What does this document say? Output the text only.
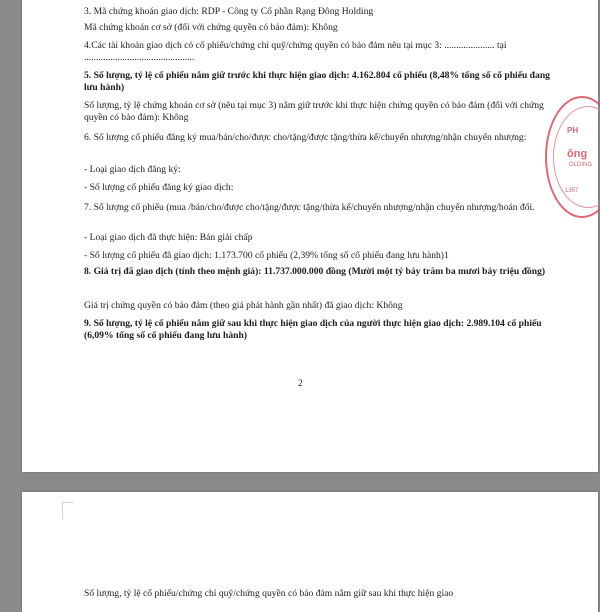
3. Mã chứng khoán giao dịch: RDP - Công ty Cổ phần Rạng Đông Holding

Mã chứng khoán cơ sở (đối với chứng quyền có bảo đảm): Không

4.Các tài khoản giao dịch có cổ phiếu/chứng chỉ quỹ/chứng quyền có bảo đảm nêu tại mục 3: ..................... tại ..............................................

5. Số lượng, tỷ lệ cổ phiếu nắm giữ trước khi thực hiện giao dịch: 4.162.804 cổ phiếu (8,48% tổng số cổ phiếu đang lưu hành)

Số lượng, tỷ lệ chứng khoán cơ sở (nêu tại mục 3) nắm giữ trước khi thực hiện chứng quyền có bảo đảm (đối với chứng quyền có bảo đảm): Không

6. Số lượng cổ phiếu đăng ký mua/bán/cho/được cho/tặng/được tặng/thừa kế/chuyển nhượng/nhận chuyển nhượng:

- Loại giao dịch đăng ký:

- Số lượng cổ phiếu đăng ký giao dịch:

7. Số lượng cổ phiếu (mua /bán/cho/được cho/tặng/được tặng/thừa kế/chuyển nhượng/nhận chuyển nhượng/hoán đổi.

- Loại giao dịch đã thực hiện: Bán giải chấp

- Số lượng cổ phiếu đã giao dịch: 1.173.700 cổ phiếu (2,39% tổng số cổ phiếu đang lưu hành)1

8. Giá trị đã giao dịch (tính theo mệnh giá): 11.737.000.000 đồng (Mười một tỷ bảy trăm ba mươi bảy triệu đồng)

Giá trị chứng quyền có bảo đảm (theo giá phát hành gần nhất) đã giao dịch: Không

9. Số lượng, tỷ lệ cổ phiếu nắm giữ sau khi thực hiện giao dịch của người thực hiện giao dịch: 2.989.104 cổ phiếu (6,09% tổng số cổ phiếu đang lưu hành)

2
PH
ông
OLDING
1357

Số lượng, tỷ lệ cổ phiếu/chứng chỉ quỹ/chứng quyền có bảo đảm nắm giữ sau khi thực hiện giao
